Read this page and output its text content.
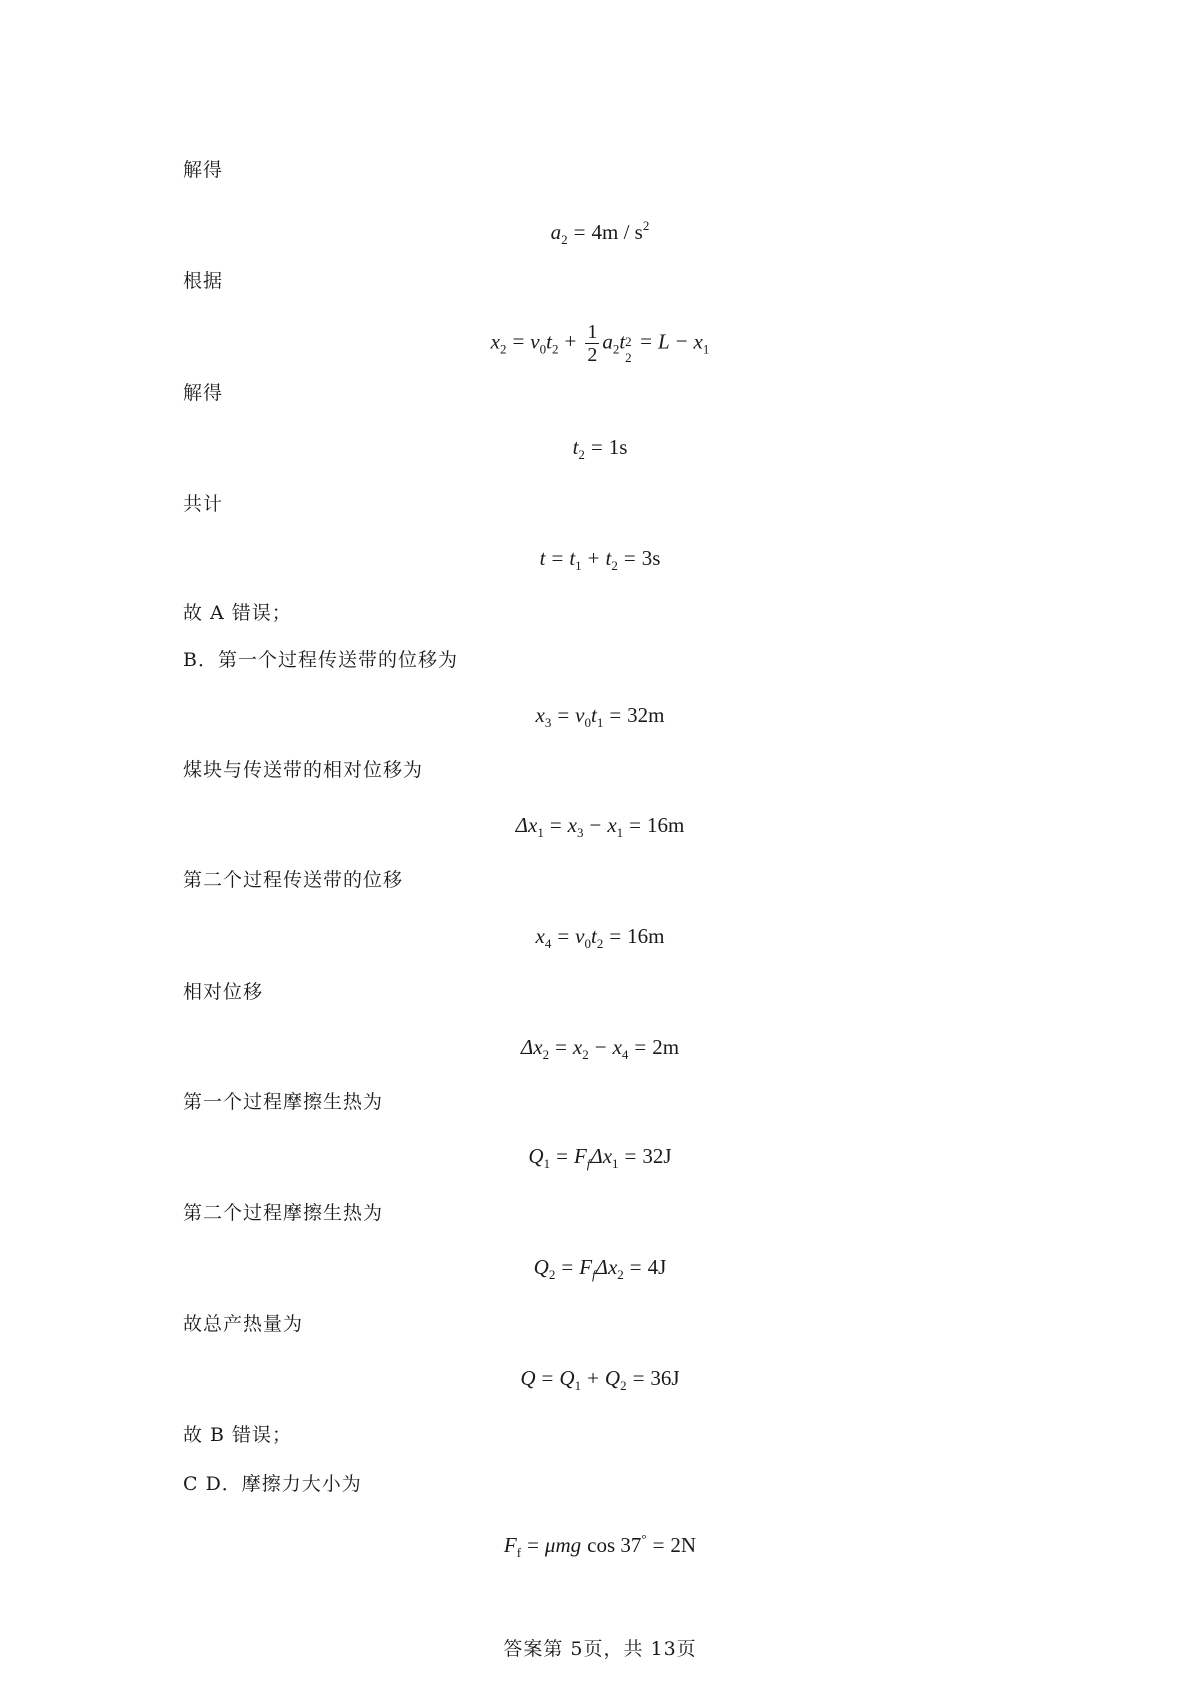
解得
$a_2 = 4m / s^2$
根据
$x_2 = v_0t_2 + \frac{1}{2} a_2t$ 2
2
= $L - x_1$
解得
$t_2 = 1s$
共计
$t = t_1 + t_2 = 3s$
故 A 错误；
B．第一个过程传送带的位移为
$x_3 = v_0t_1 = 32m$
煤块与传送带的相对位移为
$\Delta x_1 = x_3 - x_1 = 16m$
第二个过程传送带的位移
$x_4 = v_0t_2 = 16m$
相对位移
$\Delta x_2 = x_2 - x_4 = 2m$
第一个过程摩擦生热为
$Q_1 = F_f\Delta x_1 = 32J$
第二个过程摩擦生热为
$Q_2 = F_f\Delta x_2 = 4J$
故总产热量为
$Q = Q_1 + Q_2 = 36J$
故 B 错误；
C D．摩擦力大小为
$F_f = \mu mg$ cos 37° = 2N
答案第 5页，共 13页
